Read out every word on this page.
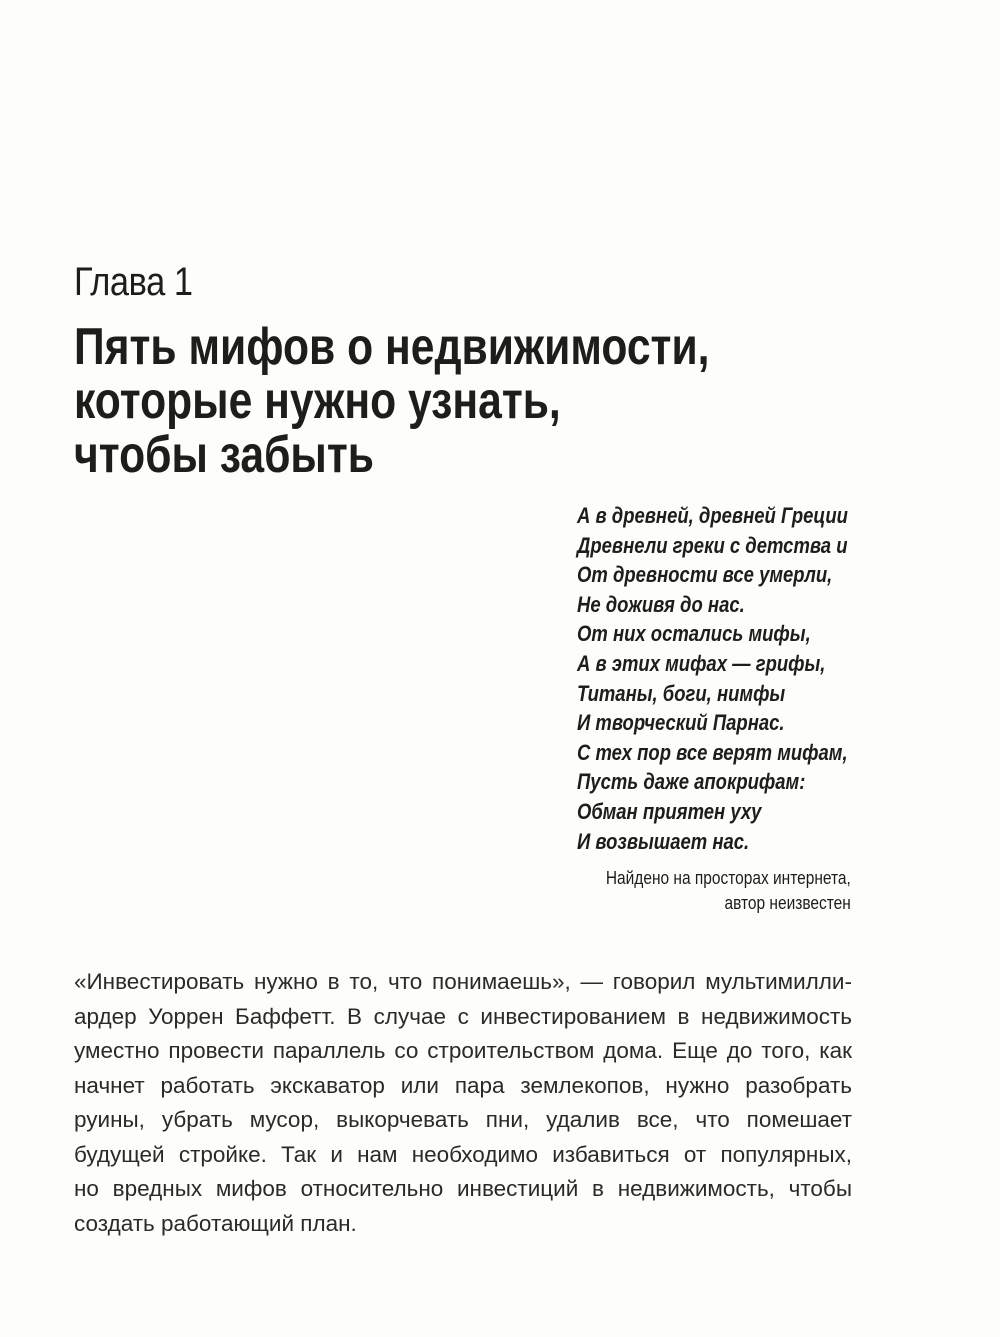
Глава 1
Пять мифов о недвижимости,
которые нужно узнать,
чтобы забыть
А в древней, древней Греции
Древнели греки с детства и
От древности все умерли,
Не доживя до нас.
От них остались мифы,
А в этих мифах — грифы,
Титаны, боги, нимфы
И творческий Парнас.
С тех пор все верят мифам,
Пусть даже апокрифам:
Обман приятен уху
И возвышает нас.
Найдено на просторах интернета,
автор неизвестен
«Инвестировать нужно в то, что понимаешь», — говорил мультимилли-
ардер Уоррен Баффетт. В случае с инвестированием в недвижимость
уместно провести параллель со строительством дома. Еще до того, как
начнет работать экскаватор или пара землекопов, нужно разобрать
руины, убрать мусор, выкорчевать пни, удалив все, что помешает
будущей стройке. Так и нам необходимо избавиться от популярных,
но вредных мифов относительно инвестиций в недвижимость, чтобы
создать работающий план.
